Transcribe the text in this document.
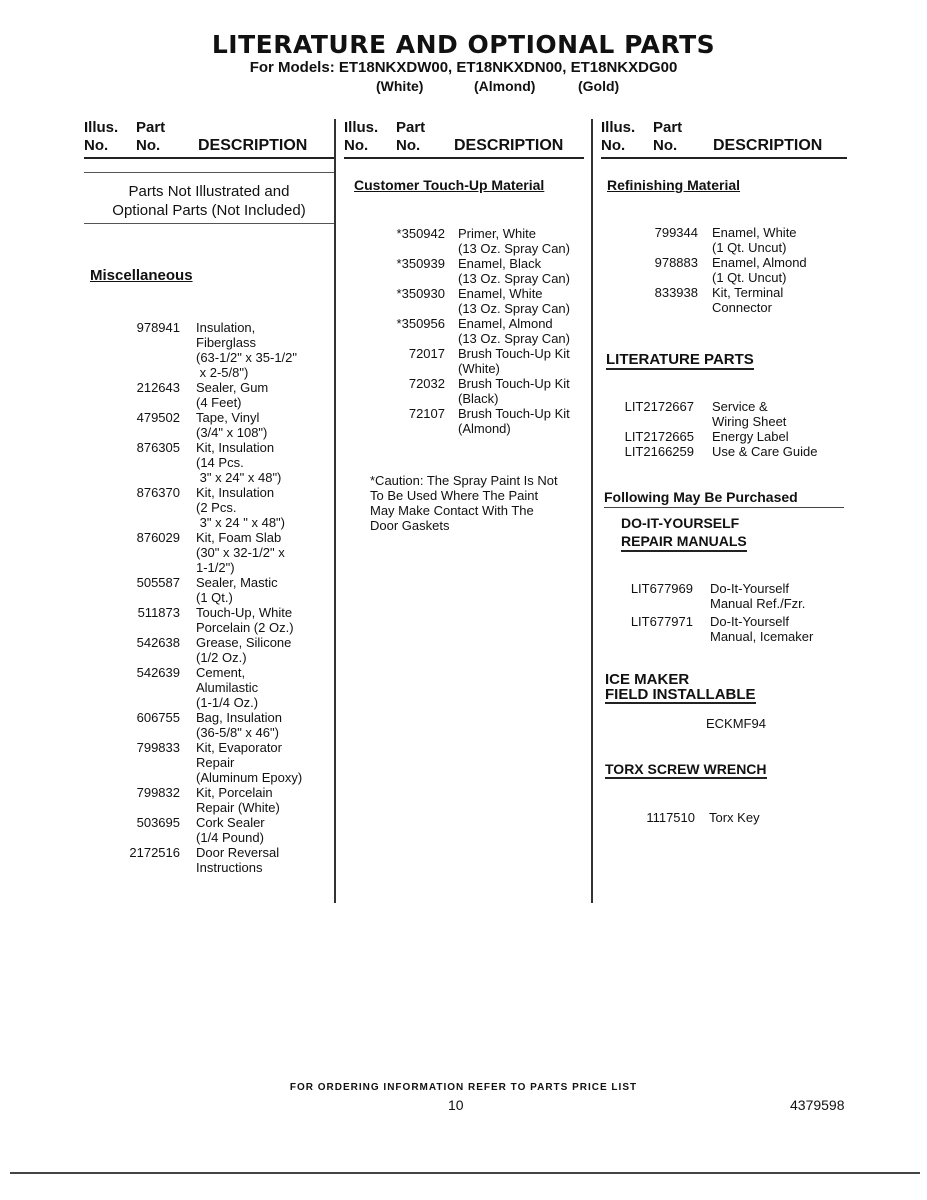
LITERATURE AND OPTIONAL PARTS
For Models: ET18NKXDW00, ET18NKXDN00, ET18NKXDG00
(White)	(Almond)	(Gold)
Illus.
No.
Part
No. DESCRIPTION
Illus.
No.
Part
No. DESCRIPTION
Illus.
No.
Part
No. DESCRIPTION
Parts Not Illustrated and
Optional Parts (Not Included)
Miscellaneous
978941 Insulation,
Fiberglass
(63-1/2" x 35-1/2"
x 2-5/8")
212643 Sealer, Gum
(4 Feet)
479502 Tape, Vinyl
(3/4" x 108")
876305 Kit, Insulation
(14 Pcs.
3" x 24" x 48")
876370 Kit, Insulation
(2 Pcs.
3" x 24 " x 48")
876029 Kit, Foam Slab
(30" x 32-1/2" x
1-1/2")
505587 Sealer, Mastic
(1 Qt.)
511873 Touch-Up, White
Porcelain (2 Oz.)
542638 Grease, Silicone
(1/2 Oz.)
542639 Cement,
Alumilastic
(1-1/4 Oz.)
606755 Bag, Insulation
(36-5/8" x 46")
799833 Kit, Evaporator
Repair
(Aluminum Epoxy)
799832 Kit, Porcelain
Repair (White)
503695 Cork Sealer
(1/4 Pound)
2172516 Door Reversal
Instructions
Customer Touch-Up Material
*350942 Primer, White
(13 Oz. Spray Can)
*350939 Enamel, Black
(13 Oz. Spray Can)
*350930 Enamel, White
(13 Oz. Spray Can)
*350956 Enamel, Almond
(13 Oz. Spray Can)
72017 Brush Touch-Up Kit
(White)
72032 Brush Touch-Up Kit
(Black)
72107 Brush Touch-Up Kit
(Almond)
*Caution: The Spray Paint Is Not
To Be Used Where The Paint
May Make Contact With The
Door Gaskets
Refinishing Material
799344 Enamel, White
(1 Qt. Uncut)
978883 Enamel, Almond
(1 Qt. Uncut)
833938 Kit, Terminal
Connector
LITERATURE PARTS
LIT2172667 Service &
Wiring Sheet
LIT2172665 Energy Label
LIT2166259 Use & Care Guide
Following May Be Purchased
DO-IT-YOURSELF
REPAIR MANUALS
LIT677969 Do-It-Yourself
Manual Ref./Fzr.
LIT677971 Do-It-Yourself
Manual, Icemaker
ICE MAKER
FIELD INSTALLABLE
ECKMF94
TORX SCREW WRENCH
1117510 Torx Key
FOR ORDERING INFORMATION REFER TO PARTS PRICE LIST
10	4379598
